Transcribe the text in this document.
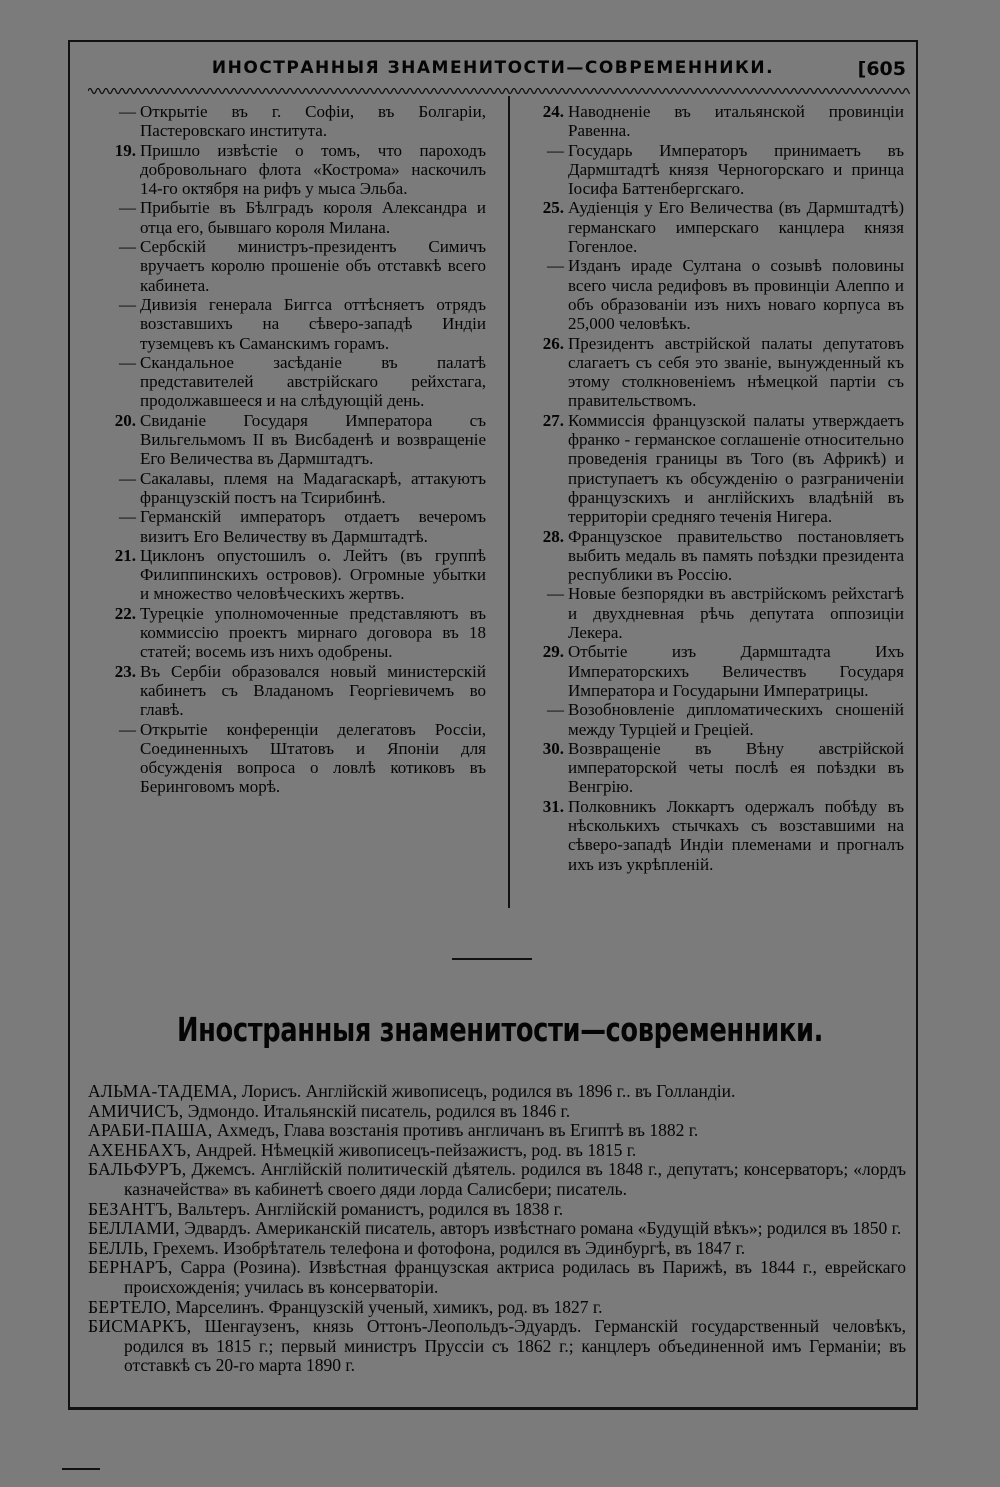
ИНОСТРАННЫЯ ЗНАМЕНИТОСТИ—СОВРЕМЕННИКИ.	[605
— Открытіе въ г. Софіи, въ Болгаріи, Пастеровскаго института.
19. Пришло извѣстіе о томъ, что пароходъ добровольнаго флота «Кострома» наскочилъ 14-го октября на рифъ у мыса Эльба.
— Прибытіе въ Бѣлградъ короля Александра и отца его, бывшаго короля Милана.
— Сербскій министръ-президентъ Симичъ вручаетъ королю прошеніе объ отставкѣ всего кабинета.
— Дивизія генерала Биггса оттѣсняетъ отрядъ возставшихъ на сѣверо-западѣ Индіи туземцевъ къ Саманскимъ горамъ.
— Скандальное засѣданіе въ палатѣ представителей австрійскаго рейхстага, продолжавшееся и на слѣдующій день.
20. Свиданіе Государя Императора съ Вильгельмомъ II въ Висбаденѣ и возвращеніе Его Величества въ Дармштадтъ.
— Сакалавы, племя на Мадагаскарѣ, аттакуютъ французскій постъ на Тсирибинѣ.
— Германскій императоръ отдаетъ вечеромъ визитъ Его Величеству въ Дармштадтѣ.
21. Циклонъ опустошилъ о. Лейтъ (въ группѣ Филиппинскихъ островов). Огромные убытки и множество человѣческихъ жертвъ.
22. Турецкіе уполномоченные представляютъ въ коммиссію проектъ мирнаго договора въ 18 статей; восемь изъ нихъ одобрены.
23. Въ Сербіи образовался новый министерскій кабинетъ съ Владаномъ Георгіевичемъ во главѣ.
— Открытіе конференціи делегатовъ Россіи, Соединенныхъ Штатовъ и Японіи для обсужденія вопроса о ловлѣ котиковъ въ Беринговомъ морѣ.
24. Наводненіе въ итальянской провинціи Равенна.
— Государь Императоръ принимаетъ въ Дармштадтѣ князя Черногорскаго и принца Іосифа Баттенбергскаго.
25. Аудіенція у Его Величества (въ Дармштадтѣ) германскаго имперскаго канцлера князя Гогенлое.
— Изданъ ираде Султана о созывѣ половины всего числа редифовъ въ провинціи Алеппо и объ образованіи изъ нихъ новаго корпуса въ 25,000 человѣкъ.
26. Президентъ австрійской палаты депутатовъ слагаетъ съ себя это званіе, вынужденный къ этому столкновеніемъ нѣмецкой партіи съ правительствомъ.
27. Коммиссія французской палаты утверждаетъ франко - германское соглашеніе относительно проведенія границы въ Того (въ Африкѣ) и приступаетъ къ обсужденію о разграниченіи французскихъ и англійскихъ владѣній въ территоріи средняго теченія Нигера.
28. Французское правительство постановляетъ выбить медаль въ память поѣздки президента республики въ Россію.
— Новые безпорядки въ австрійскомъ рейхстагѣ и двухдневная рѣчь депутата оппозиціи Лекера.
29. Отбытіе изъ Дармштадта Ихъ Императорскихъ Величествъ Государя Императора и Государыни Императрицы.
— Возобновленіе дипломатическихъ сношеній между Турціей и Греціей.
30. Возвращеніе въ Вѣну австрійской императорской четы послѣ ея поѣздки въ Венгрію.
31. Полковникъ Локкартъ одержалъ побѣду въ нѣсколькихъ стычкахъ съ возставшими на сѣверо-западѣ Индіи племенами и прогналъ ихъ изъ укрѣпленій.
Иностранныя знаменитости—современники.
АЛЬМА-ТАДЕМА, Лорисъ. Англійскій живописецъ, родился въ 1896 г.. въ Голландіи.
АМИЧИСЪ, Эдмондо. Итальянскій писатель, родился въ 1846 г.
АРАБИ-ПАША, Ахмедъ, Глава возстанія противъ англичанъ въ Египтѣ въ 1882 г.
АХЕНБАХЪ, Андрей. Нѣмецкій живописецъ-пейзажистъ, род. въ 1815 г.
БАЛЬФУРЪ, Джемсъ. Англійскій политическій дѣятель. родился въ 1848 г., депутатъ; консерваторъ; «лордъ казначейства» въ кабинетѣ своего дяди лорда Салисбери; писатель.
БЕЗАНТЪ, Вальтеръ. Англійскій романистъ, родился въ 1838 г.
БЕЛЛАМИ, Эдвардъ. Американскій писатель, авторъ извѣстнаго романа «Будущій вѣкъ»; родился въ 1850 г.
БЕЛЛЬ, Грехемъ. Изобрѣтатель телефона и фотофона, родился въ Эдинбургѣ, въ 1847 г.
БЕРНАРЪ, Сарра (Розина). Извѣстная французская актриса родилась въ Парижѣ, въ 1844 г., еврейскаго происхожденія; училась въ консерваторіи.
БЕРТЕЛО, Марселинъ. Французскій ученый, химикъ, род. въ 1827 г.
БИСМАРКЪ, Шенгаузенъ, князь Оттонъ-Леопольдъ-Эдуардъ. Германскій государственный человѣкъ, родился въ 1815 г.; первый министръ Пруссіи съ 1862 г.; канцлеръ объединенной имъ Германіи; въ отставкѣ съ 20-го марта 1890 г.
